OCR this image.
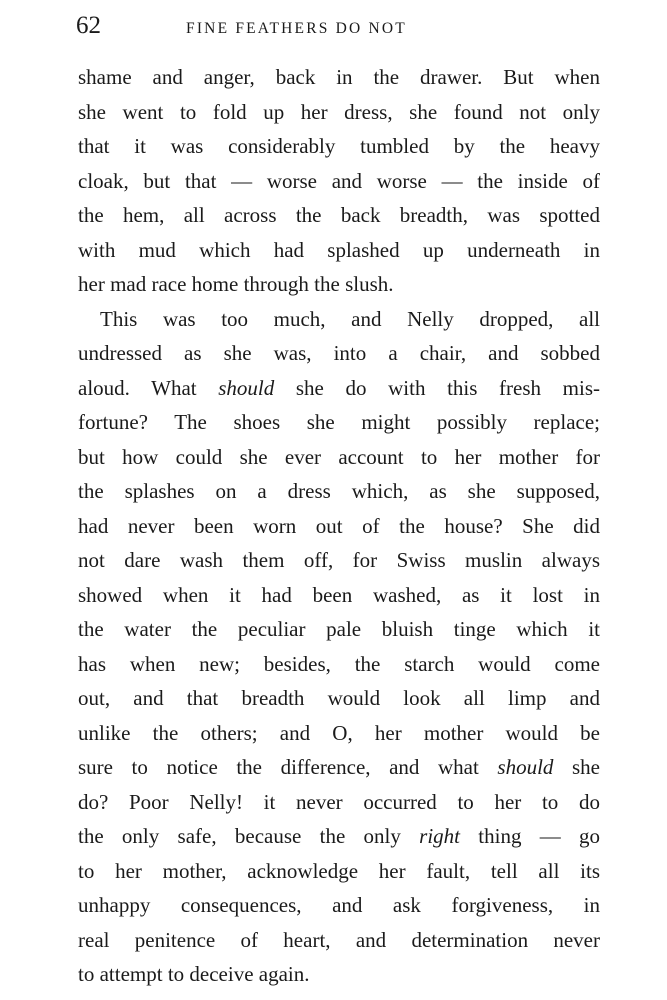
62	FINE FEATHERS DO NOT
shame and anger, back in the drawer. But when
she went to fold up her dress, she found not only
that it was considerably tumbled by the heavy
cloak, but that — worse and worse — the inside of
the hem, all across the back breadth, was spotted
with mud which had splashed up underneath in
her mad race home through the slush.
This was too much, and Nelly dropped, all
undressed as she was, into a chair, and sobbed
aloud. What should she do with this fresh mis-
fortune? The shoes she might possibly replace;
but how could she ever account to her mother for
the splashes on a dress which, as she supposed,
had never been worn out of the house? She did
not dare wash them off, for Swiss muslin always
showed when it had been washed, as it lost in
the water the peculiar pale bluish tinge which it
has when new; besides, the starch would come
out, and that breadth would look all limp and
unlike the others; and O, her mother would be
sure to notice the difference, and what should she
do? Poor Nelly! it never occurred to her to do
the only safe, because the only right thing — go
to her mother, acknowledge her fault, tell all its
unhappy consequences, and ask forgiveness, in
real penitence of heart, and determination never
to attempt to deceive again.
